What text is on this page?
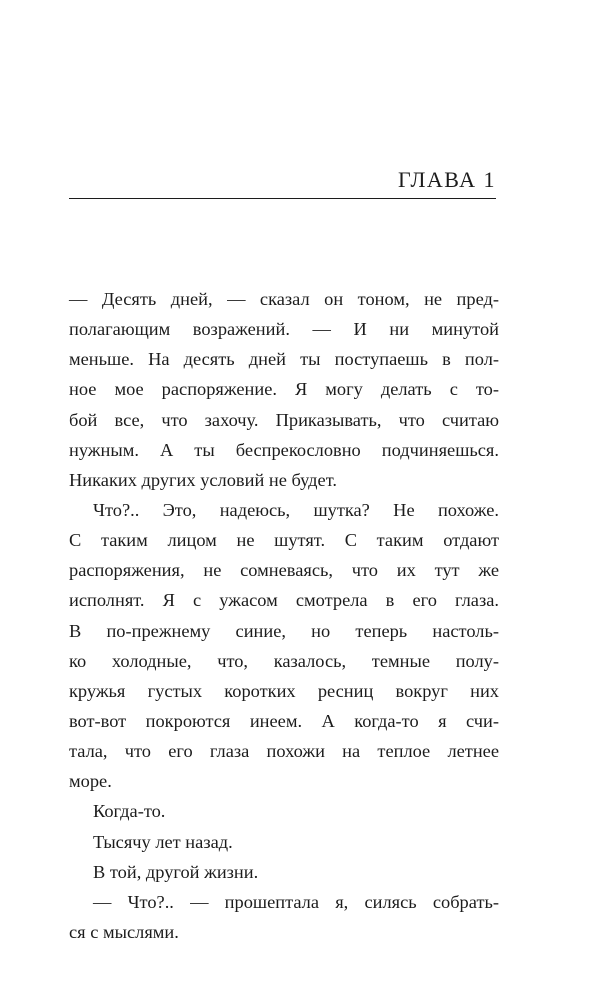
ГЛАВА 1
— Десять дней, — сказал он тоном, не пред-
полагающим возражений. — И ни минутой
меньше. На десять дней ты поступаешь в пол-
ное мое распоряжение. Я могу делать с то-
бой все, что захочу. Приказывать, что считаю
нужным. А ты беспрекословно подчиняешься.
Никаких других условий не будет.
Что?.. Это, надеюсь, шутка? Не похоже.
С таким лицом не шутят. С таким отдают
распоряжения, не сомневаясь, что их тут же
исполнят. Я с ужасом смотрела в его глаза.
В по-прежнему синие, но теперь настоль-
ко холодные, что, казалось, темные полу-
кружья густых коротких ресниц вокруг них
вот-вот покроются инеем. А когда-то я счи-
тала, что его глаза похожи на теплое летнее
море.
Когда-то.
Тысячу лет назад.
В той, другой жизни.
— Что?.. — прошептала я, силясь собрать-
ся с мыслями.
